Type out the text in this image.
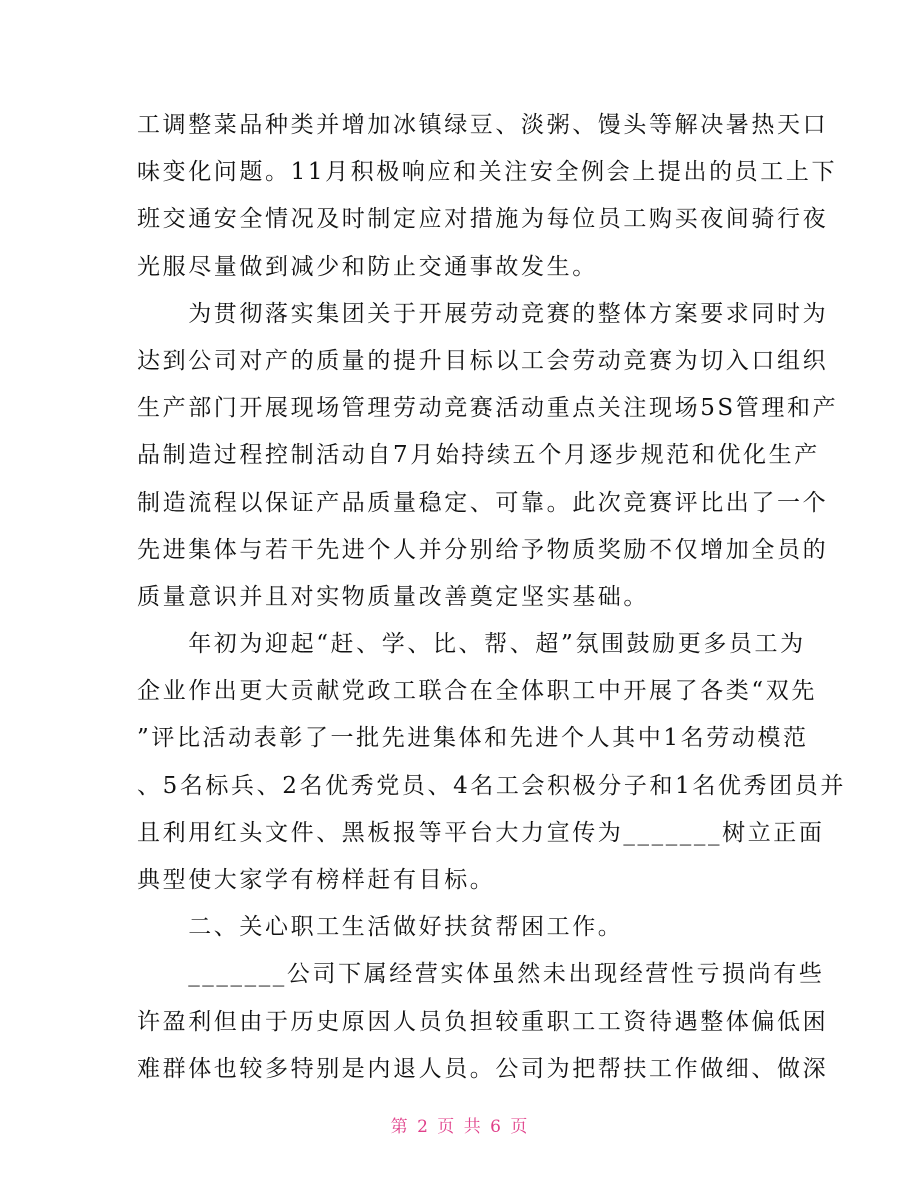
工调整菜品种类并增加冰镇绿豆、淡粥、馒头等解决暑热天口
味变化问题。11月积极响应和关注安全例会上提出的员工上下
班交通安全情况及时制定应对措施为每位员工购买夜间骑行夜
光服尽量做到减少和防止交通事故发生。
　　为贯彻落实集团关于开展劳动竞赛的整体方案要求同时为
达到公司对产的质量的提升目标以工会劳动竞赛为切入口组织
生产部门开展现场管理劳动竞赛活动重点关注现场5S管理和产
品制造过程控制活动自7月始持续五个月逐步规范和优化生产
制造流程以保证产品质量稳定、可靠。此次竞赛评比出了一个
先进集体与若干先进个人并分别给予物质奖励不仅增加全员的
质量意识并且对实物质量改善奠定坚实基础。
　　年初为迎起“赶、学、比、帮、超”氛围鼓励更多员工为
企业作出更大贡献党政工联合在全体职工中开展了各类“双先
”评比活动表彰了一批先进集体和先进个人其中1名劳动模范
、5名标兵、2名优秀党员、4名工会积极分子和1名优秀团员并
且利用红头文件、黑板报等平台大力宣传为_______树立正面
典型使大家学有榜样赶有目标。
　　二、关心职工生活做好扶贫帮困工作。
　　_______公司下属经营实体虽然未出现经营性亏损尚有些
许盈利但由于历史原因人员负担较重职工工资待遇整体偏低困
难群体也较多特别是内退人员。公司为把帮扶工作做细、做深
第 2 页 共 6 页
